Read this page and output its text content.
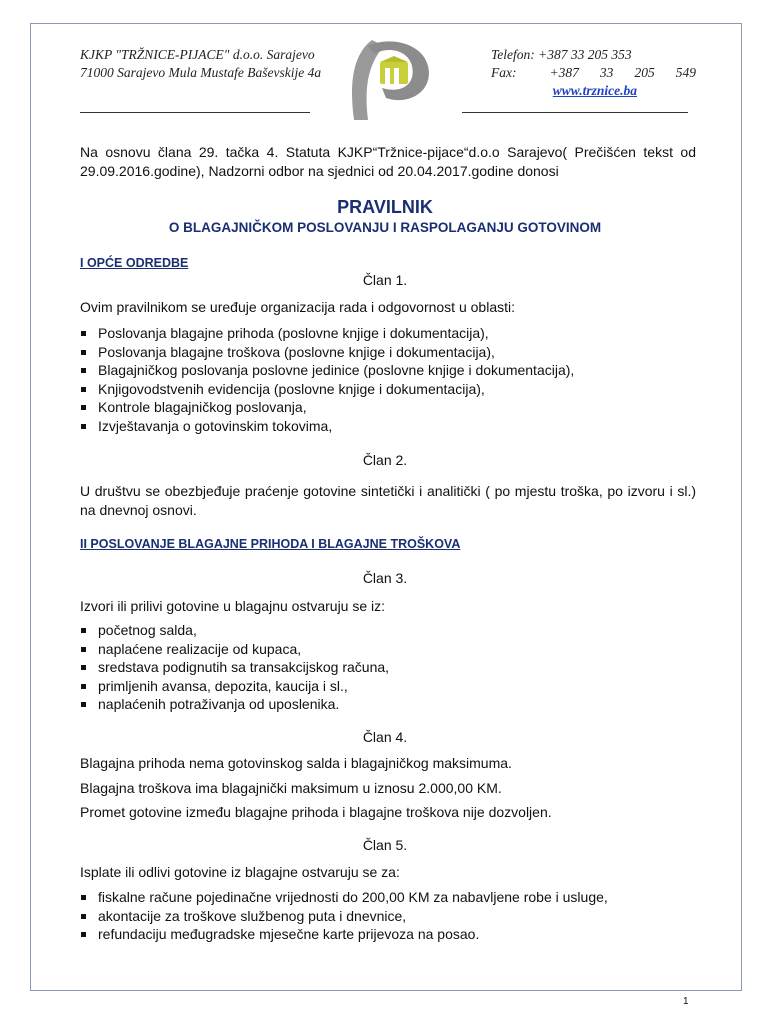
KJKP "TRŽNICE-PIJACE" d.o.o. Sarajevo
71000 Sarajevo Mula Mustafe Baševskije 4a
Telefon: +387 33 205 353
Fax: +387 33 205 549
www.trznice.ba
Na osnovu člana 29. tačka 4. Statuta KJKP“Tržnice-pijace“d.o.o Sarajevo( Prečišćen tekst od 29.09.2016.godine), Nadzorni odbor na sjednici od 20.04.2017.godine donosi
PRAVILNIK
O BLAGAJNIČKOM POSLOVANJU I RASPOLAGANJU GOTOVINOM
I OPĆE ODREDBE
Član 1.
Ovim pravilnikom se uređuje organizacija rada i odgovornost u oblasti:
Poslovanja blagajne prihoda (poslovne knjige i dokumentacija),
Poslovanja blagajne troškova (poslovne knjige i dokumentacija),
Blagajničkog poslovanja poslovne jedinice (poslovne knjige i dokumentacija),
Knjigovodstvenih evidencija (poslovne knjige i dokumentacija),
Kontrole blagajničkog poslovanja,
Izvještavanja o gotovinskim tokovima,
Član 2.
U društvu se obezbjeđuje praćenje gotovine sintetički i analitički ( po mjestu troška, po izvoru i sl.) na dnevnoj osnovi.
II POSLOVANJE BLAGAJNE PRIHODA I BLAGAJNE TROŠKOVA
Član 3.
Izvori ili prilivi gotovine u blagajnu ostvaruju se iz:
početnog salda,
naplaćene realizacije od kupaca,
sredstava podignutih sa transakcijskog računa,
primljenih avansa, depozita, kaucija i sl.,
naplaćenih potraživanja od uposlenika.
Član 4.
Blagajna prihoda nema gotovinskog salda i blagajničkog maksimuma.
Blagajna troškova ima blagajnički maksimum u iznosu 2.000,00 KM.
Promet gotovine između blagajne prihoda i blagajne troškova nije dozvoljen.
Član 5.
Isplate ili odlivi gotovine iz blagajne ostvaruju se za:
fiskalne račune pojedinačne vrijednosti do 200,00 KM za nabavljene robe i usluge,
akontacije za troškove službenog puta i dnevnice,
refundaciju međugradske mjesečne karte prijevoza na posao.
1
